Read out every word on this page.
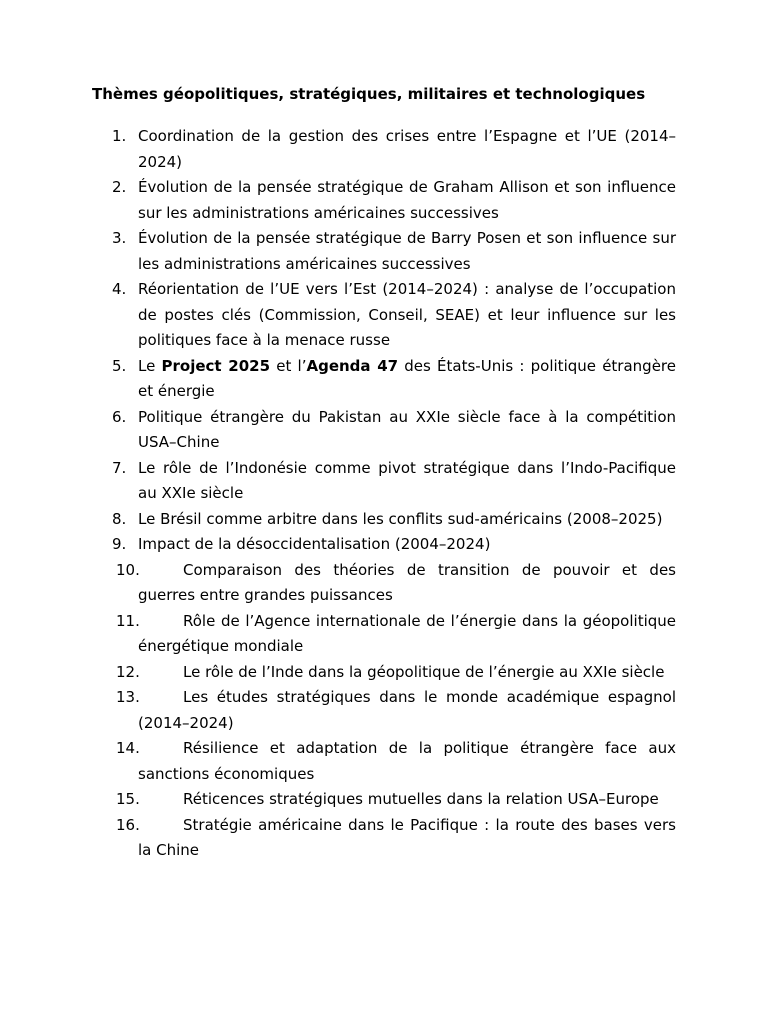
Thèmes géopolitiques, stratégiques, militaires et technologiques
1. Coordination de la gestion des crises entre l’Espagne et l’UE (2014–2024)
2. Évolution de la pensée stratégique de Graham Allison et son influence sur les administrations américaines successives
3. Évolution de la pensée stratégique de Barry Posen et son influence sur les administrations américaines successives
4. Réorientation de l’UE vers l’Est (2014–2024) : analyse de l’occupation de postes clés (Commission, Conseil, SEAE) et leur influence sur les politiques face à la menace russe
5. Le Project 2025 et l’Agenda 47 des États-Unis : politique étrangère et énergie
6. Politique étrangère du Pakistan au XXIe siècle face à la compétition USA–Chine
7. Le rôle de l’Indonésie comme pivot stratégique dans l’Indo-Pacifique au XXIe siècle
8. Le Brésil comme arbitre dans les conflits sud-américains (2008–2025)
9. Impact de la désoccidentalisation (2004–2024)
10.	Comparaison des théories de transition de pouvoir et des guerres entre grandes puissances
11.	Rôle de l’Agence internationale de l’énergie dans la géopolitique énergétique mondiale
12.	Le rôle de l’Inde dans la géopolitique de l’énergie au XXIe siècle
13.	Les études stratégiques dans le monde académique espagnol (2014–2024)
14.	Résilience et adaptation de la politique étrangère face aux sanctions économiques
15.	Réticences stratégiques mutuelles dans la relation USA–Europe
16.	Stratégie américaine dans le Pacifique : la route des bases vers la Chine
